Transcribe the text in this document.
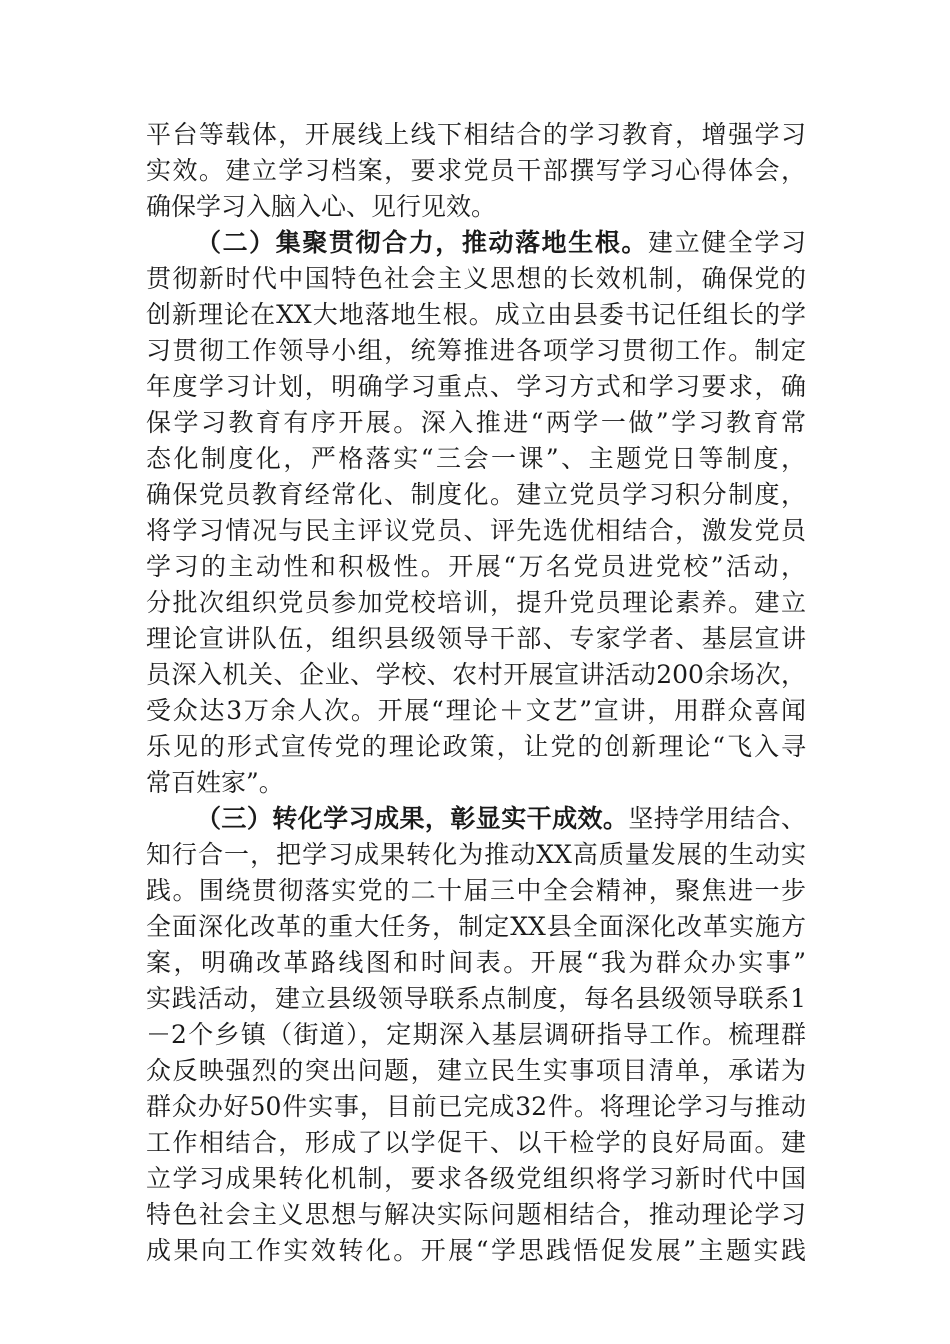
平台等载体，开展线上线下相结合的学习教育，增强学习
实效。建立学习档案，要求党员干部撰写学习心得体会，
确保学习入脑入心、见行见效。
（二）集聚贯彻合力，推动落地生根。建立健全学习
贯彻新时代中国特色社会主义思想的长效机制，确保党的
创新理论在XX大地落地生根。成立由县委书记任组长的学
习贯彻工作领导小组，统筹推进各项学习贯彻工作。制定
年度学习计划，明确学习重点、学习方式和学习要求，确
保学习教育有序开展。深入推进“两学一做”学习教育常
态化制度化，严格落实“三会一课”、主题党日等制度，
确保党员教育经常化、制度化。建立党员学习积分制度，
将学习情况与民主评议党员、评先选优相结合，激发党员
学习的主动性和积极性。开展“万名党员进党校”活动，
分批次组织党员参加党校培训，提升党员理论素养。建立
理论宣讲队伍，组织县级领导干部、专家学者、基层宣讲
员深入机关、企业、学校、农村开展宣讲活动200余场次，
受众达3万余人次。开展“理论＋文艺”宣讲，用群众喜闻
乐见的形式宣传党的理论政策，让党的创新理论“飞入寻
常百姓家”。
（三）转化学习成果，彰显实干成效。坚持学用结合、
知行合一，把学习成果转化为推动XX高质量发展的生动实
践。围绕贯彻落实党的二十届三中全会精神，聚焦进一步
全面深化改革的重大任务，制定XX县全面深化改革实施方
案，明确改革路线图和时间表。开展“我为群众办实事”
实践活动，建立县级领导联系点制度，每名县级领导联系1
－2个乡镇（街道），定期深入基层调研指导工作。梳理群
众反映强烈的突出问题，建立民生实事项目清单，承诺为
群众办好50件实事，目前已完成32件。将理论学习与推动
工作相结合，形成了以学促干、以干检学的良好局面。建
立学习成果转化机制，要求各级党组织将学习新时代中国
特色社会主义思想与解决实际问题相结合，推动理论学习
成果向工作实效转化。开展“学思践悟促发展”主题实践
